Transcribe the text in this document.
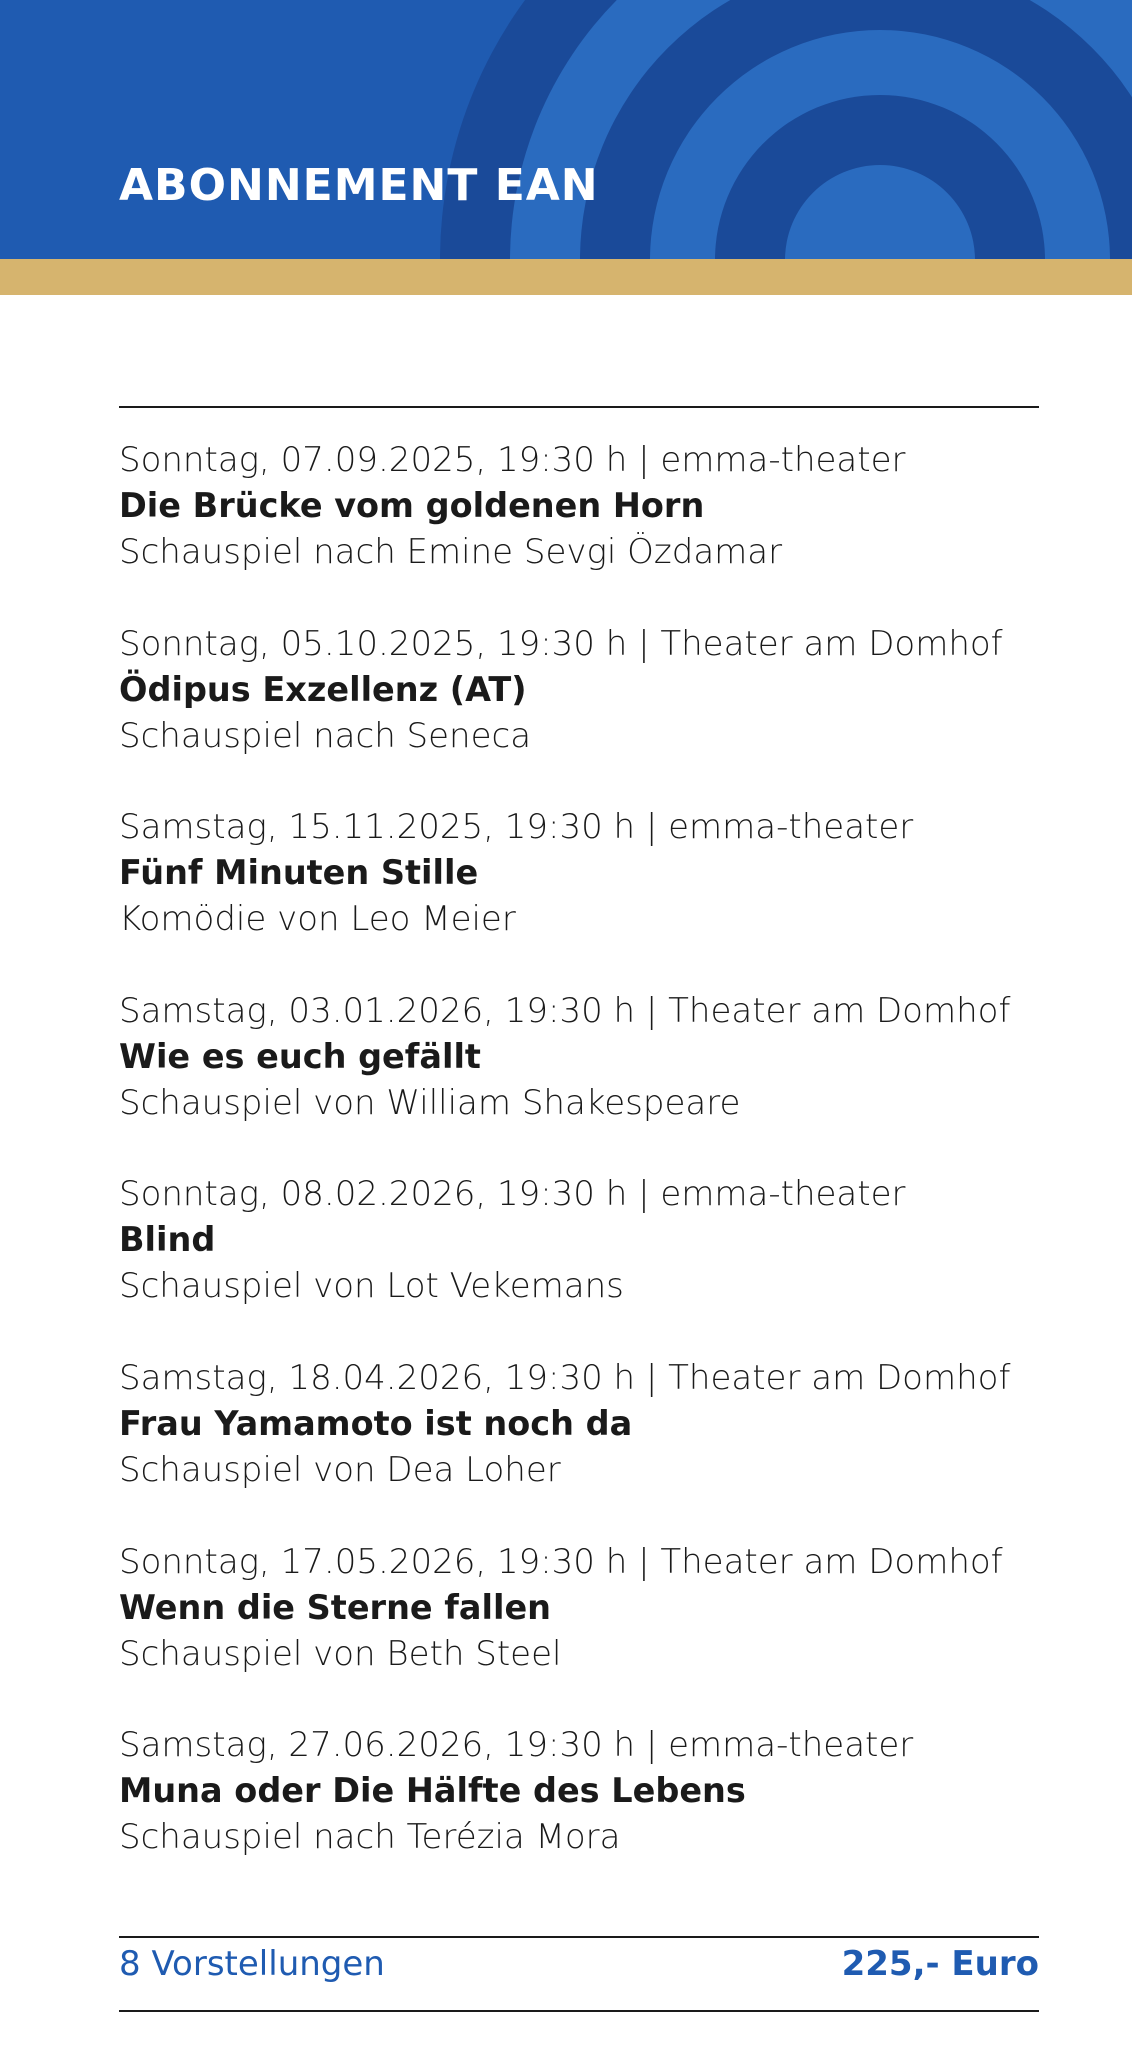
ABONNEMENT EAN
Sonntag, 07.09.2025, 19:30 h | emma-theater
Die Brücke vom goldenen Horn
Schauspiel nach Emine Sevgi Özdamar
Sonntag, 05.10.2025, 19:30 h | Theater am Domhof
Ödipus Exzellenz (AT)
Schauspiel nach Seneca
Samstag, 15.11.2025, 19:30 h | emma-theater
Fünf Minuten Stille
Komödie von Leo Meier
Samstag, 03.01.2026, 19:30 h | Theater am Domhof
Wie es euch gefällt
Schauspiel von William Shakespeare
Sonntag, 08.02.2026, 19:30 h | emma-theater
Blind
Schauspiel von Lot Vekemans
Samstag, 18.04.2026, 19:30 h | Theater am Domhof
Frau Yamamoto ist noch da
Schauspiel von Dea Loher
Sonntag, 17.05.2026, 19:30 h | Theater am Domhof
Wenn die Sterne fallen
Schauspiel von Beth Steel
Samstag, 27.06.2026, 19:30 h | emma-theater
Muna oder Die Hälfte des Lebens
Schauspiel nach Terézia Mora
8 Vorstellungen	225,- Euro
